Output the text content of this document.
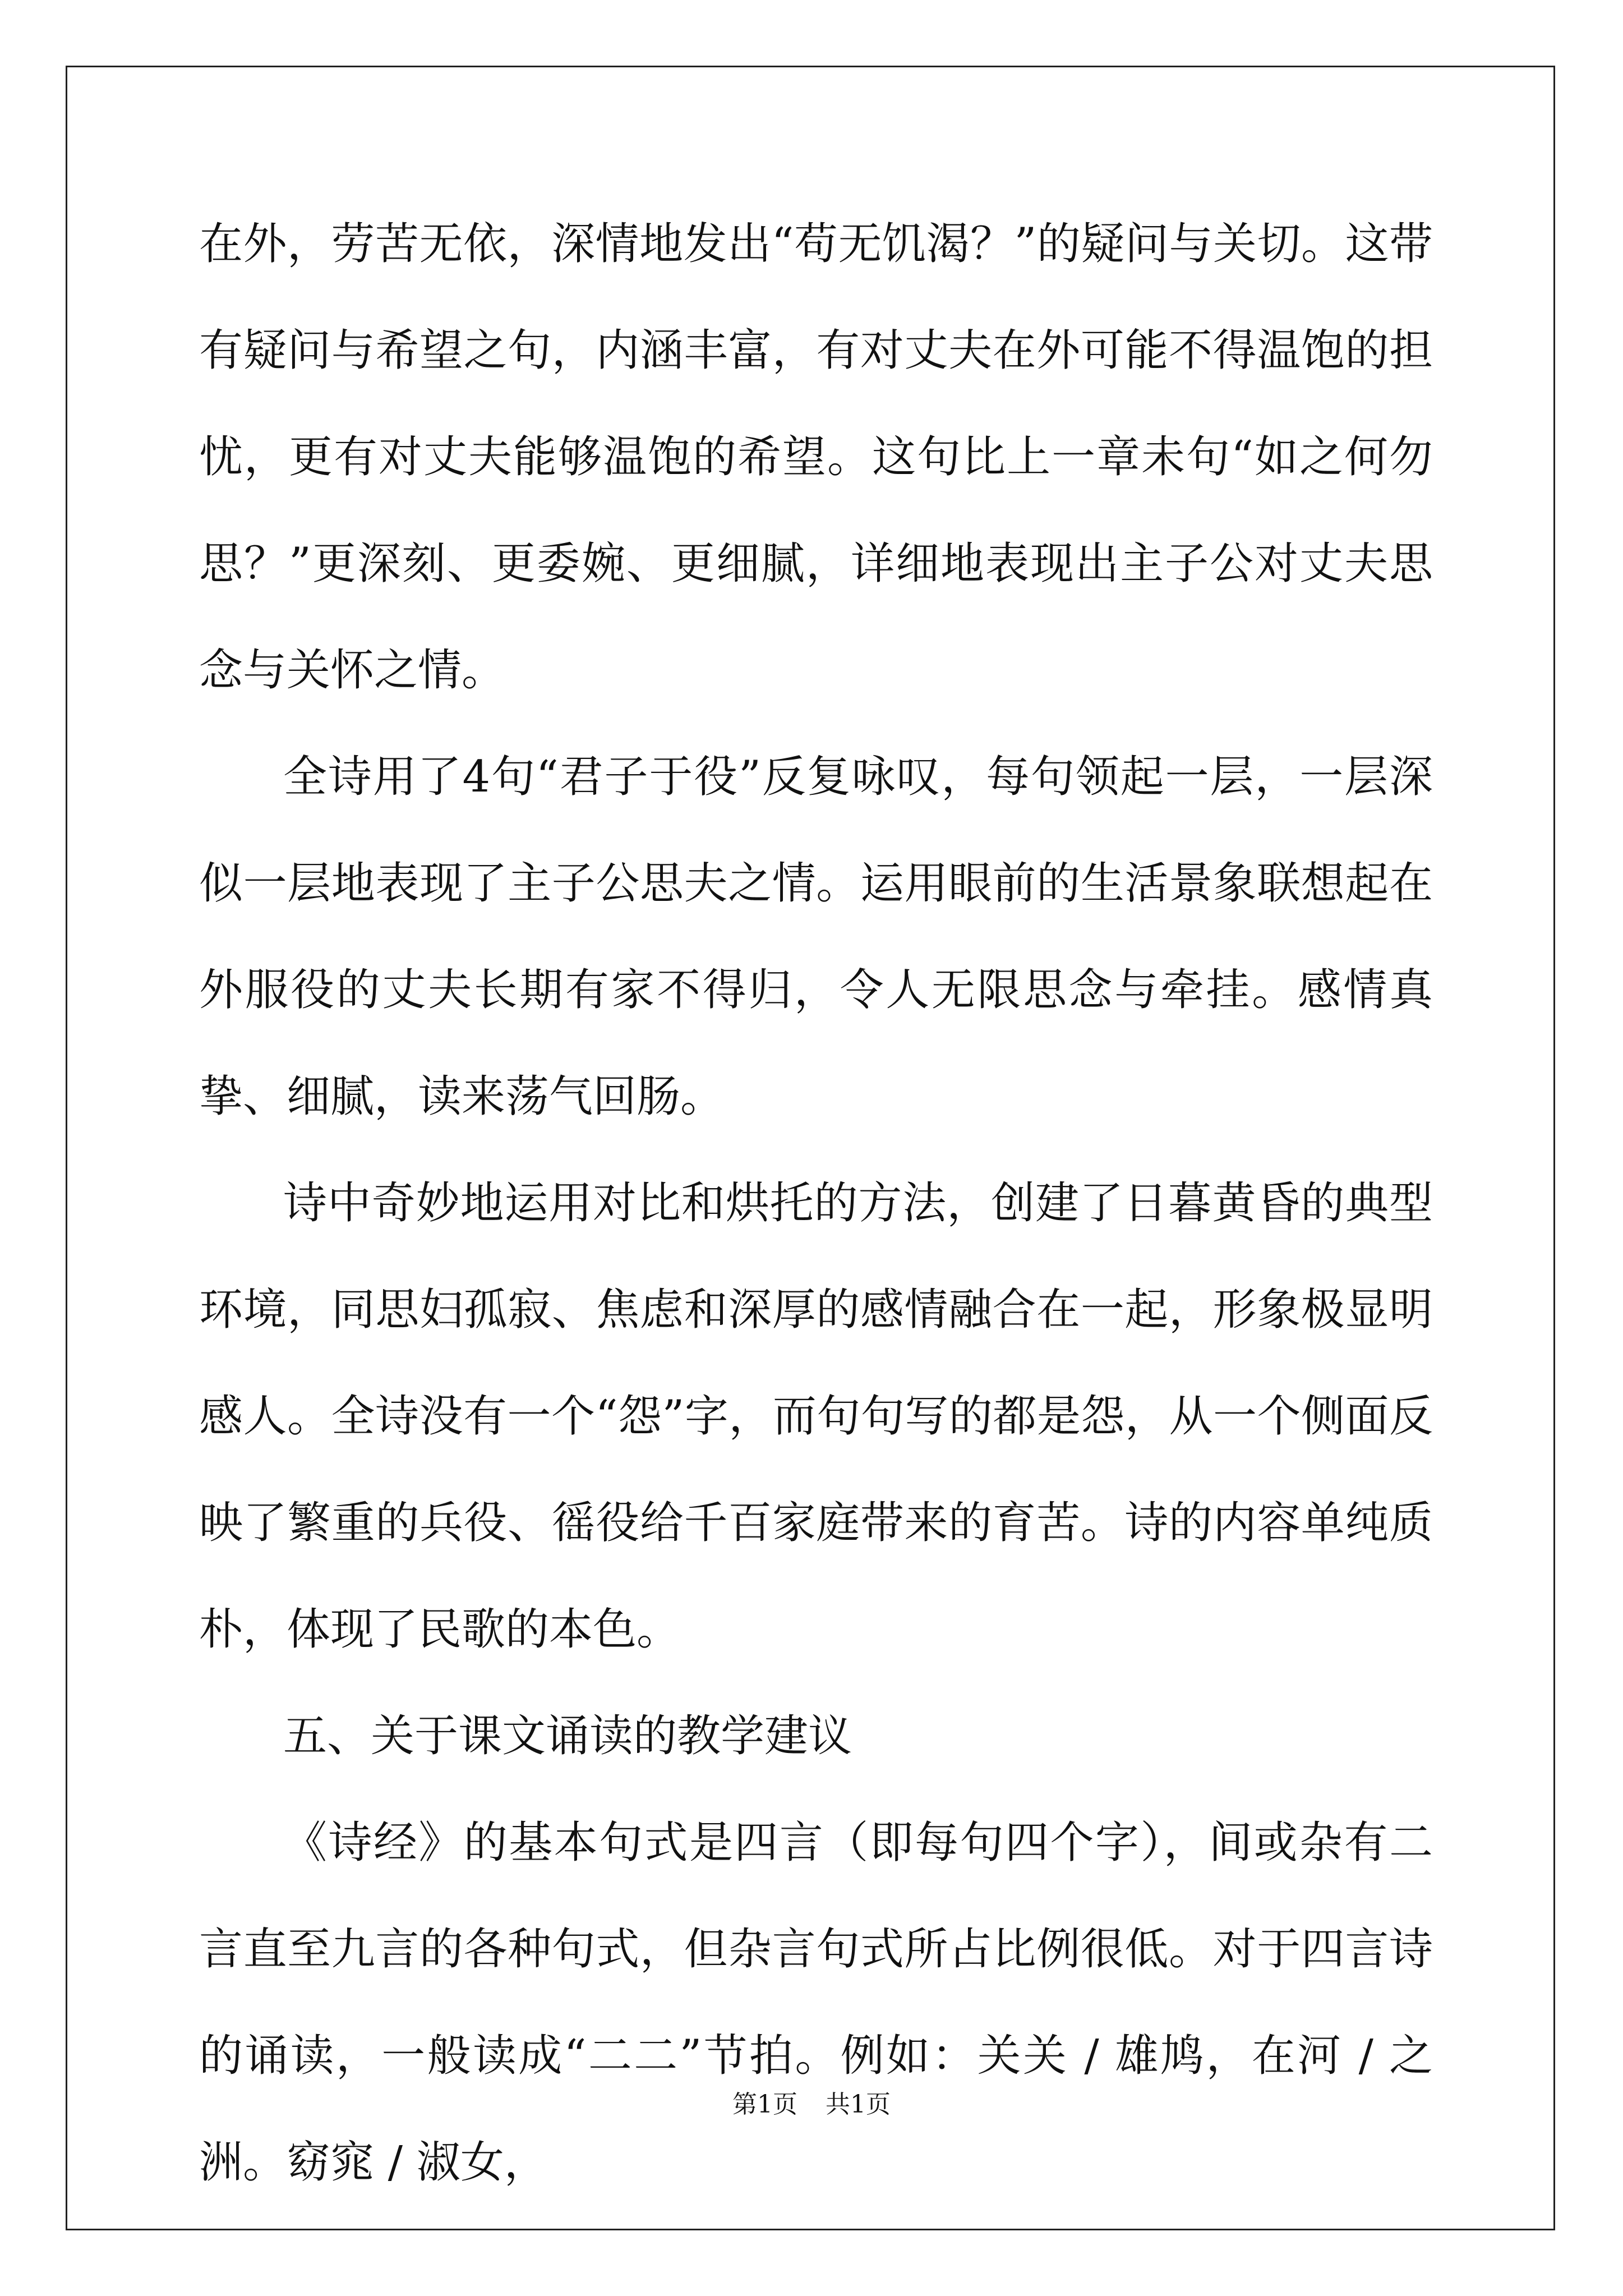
在外，劳苦无依，深情地发出“苟无饥渴？”的疑问与关切。这带有疑问与希望之句，内涵丰富，有对丈夫在外可能不得温饱的担忧，更有对丈夫能够温饱的希望。这句比上一章未句“如之何勿思？”更深刻、更委婉、更细腻，详细地表现出主子公对丈夫思念与关怀之情。

全诗用了4句“君子于役”反复咏叹，每句领起一层，一层深似一层地表现了主子公思夫之情。运用眼前的生活景象联想起在外服役的丈夫长期有家不得归，令人无限思念与牵挂。感情真挚、细腻，读来荡气回肠。

诗中奇妙地运用对比和烘托的方法，创建了日暮黄昏的典型环境，同思妇孤寂、焦虑和深厚的感情融合在一起，形象极显明感人。全诗没有一个“怨”字，而句句写的都是怨，从一个侧面反映了繁重的兵役、徭役给千百家庭带来的育苦。诗的内容单纯质朴，体现了民歌的本色。

五、关于课文诵读的教学建议

《诗经》的基本句式是四言（即每句四个字），间或杂有二言直至九言的各种句式，但杂言句式所占比例很低。对于四言诗的诵读，一般读成“二二”节拍。例如：关关 / 雄鸠，在河 / 之洲。窈窕 / 淑女，

第1页 共1页
